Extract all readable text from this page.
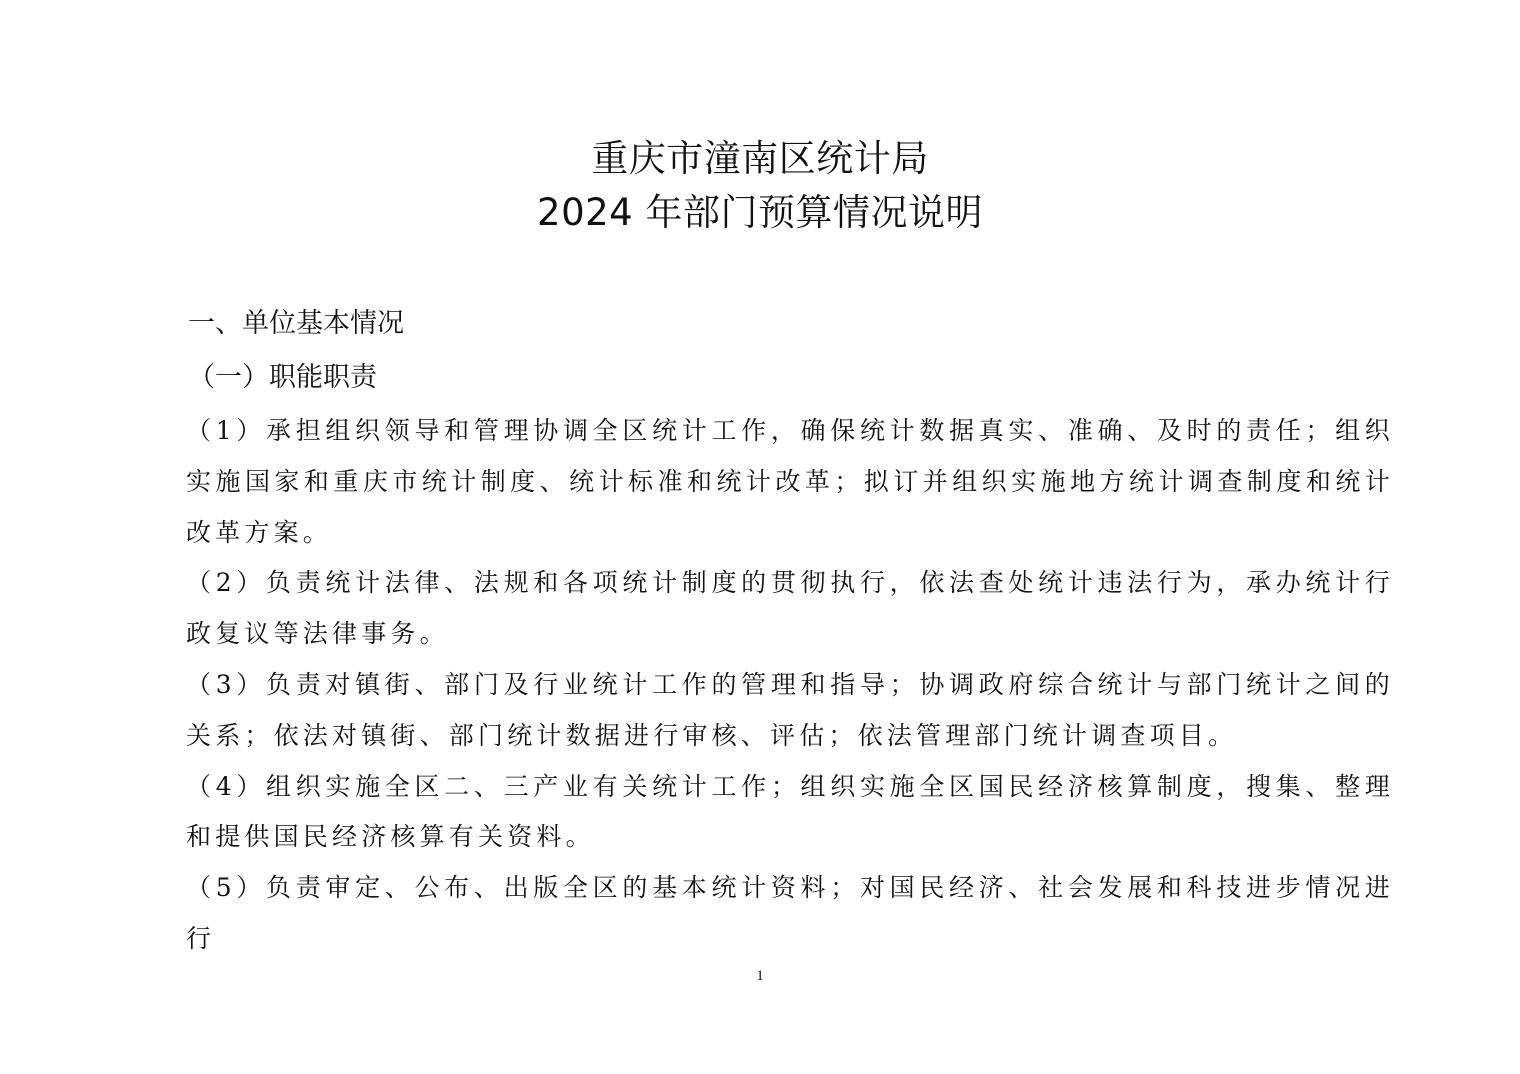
重庆市潼南区统计局
2024 年部门预算情况说明
一、单位基本情况
（一）职能职责

（1）承担组织领导和管理协调全区统计工作，确保统计数据真实、准确、及时的责任；组织实施国家和重庆市统计制度、统计标准和统计改革；拟订并组织实施地方统计调查制度和统计改革方案。

（2）负责统计法律、法规和各项统计制度的贯彻执行，依法查处统计违法行为，承办统计行政复议等法律事务。

（3）负责对镇街、部门及行业统计工作的管理和指导；协调政府综合统计与部门统计之间的关系；依法对镇街、部门统计数据进行审核、评估；依法管理部门统计调查项目。

（4）组织实施全区二、三产业有关统计工作；组织实施全区国民经济核算制度，搜集、整理和提供国民经济核算有关资料。

（5）负责审定、公布、出版全区的基本统计资料；对国民经济、社会发展和科技进步情况进行

1
